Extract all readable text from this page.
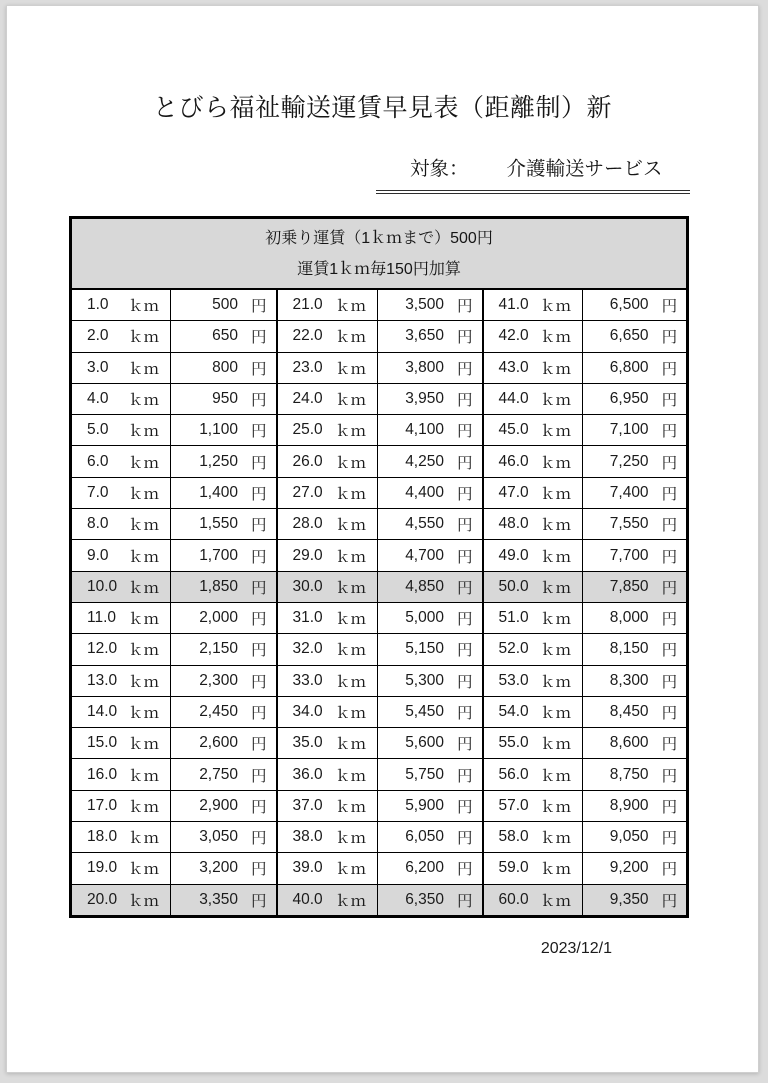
とびら福祉輸送運賃早見表（距離制）新
対象： 介護輸送サービス
初乗り運賃（1ｋｍまで）500円
運賃1ｋｍ毎150円加算					

1.0 ｋｍ	500 円	21.0 ｋｍ	3,500 円	41.0 ｋｍ	6,500 円

2.0 ｋｍ	650 円	22.0 ｋｍ	3,650 円	42.0 ｋｍ	6,650 円

3.0 ｋｍ	800 円	23.0 ｋｍ	3,800 円	43.0 ｋｍ	6,800 円

4.0 ｋｍ	950 円	24.0 ｋｍ	3,950 円	44.0 ｋｍ	6,950 円

5.0 ｋｍ	1,100 円	25.0 ｋｍ	4,100 円	45.0 ｋｍ	7,100 円

6.0 ｋｍ	1,250 円	26.0 ｋｍ	4,250 円	46.0 ｋｍ	7,250 円

7.0 ｋｍ	1,400 円	27.0 ｋｍ	4,400 円	47.0 ｋｍ	7,400 円

8.0 ｋｍ	1,550 円	28.0 ｋｍ	4,550 円	48.0 ｋｍ	7,550 円

9.0 ｋｍ	1,700 円	29.0 ｋｍ	4,700 円	49.0 ｋｍ	7,700 円

10.0 ｋｍ	1,850 円	30.0 ｋｍ	4,850 円	50.0 ｋｍ	7,850 円

11.0 ｋｍ	2,000 円	31.0 ｋｍ	5,000 円	51.0 ｋｍ	8,000 円

12.0 ｋｍ	2,150 円	32.0 ｋｍ	5,150 円	52.0 ｋｍ	8,150 円

13.0 ｋｍ	2,300 円	33.0 ｋｍ	5,300 円	53.0 ｋｍ	8,300 円

14.0 ｋｍ	2,450 円	34.0 ｋｍ	5,450 円	54.0 ｋｍ	8,450 円

15.0 ｋｍ	2,600 円	35.0 ｋｍ	5,600 円	55.0 ｋｍ	8,600 円

16.0 ｋｍ	2,750 円	36.0 ｋｍ	5,750 円	56.0 ｋｍ	8,750 円

17.0 ｋｍ	2,900 円	37.0 ｋｍ	5,900 円	57.0 ｋｍ	8,900 円

18.0 ｋｍ	3,050 円	38.0 ｋｍ	6,050 円	58.0 ｋｍ	9,050 円

19.0 ｋｍ	3,200 円	39.0 ｋｍ	6,200 円	59.0 ｋｍ	9,200 円

20.0 ｋｍ	3,350 円	40.0 ｋｍ	6,350 円	60.0 ｋｍ	9,350 円
2023/12/1
